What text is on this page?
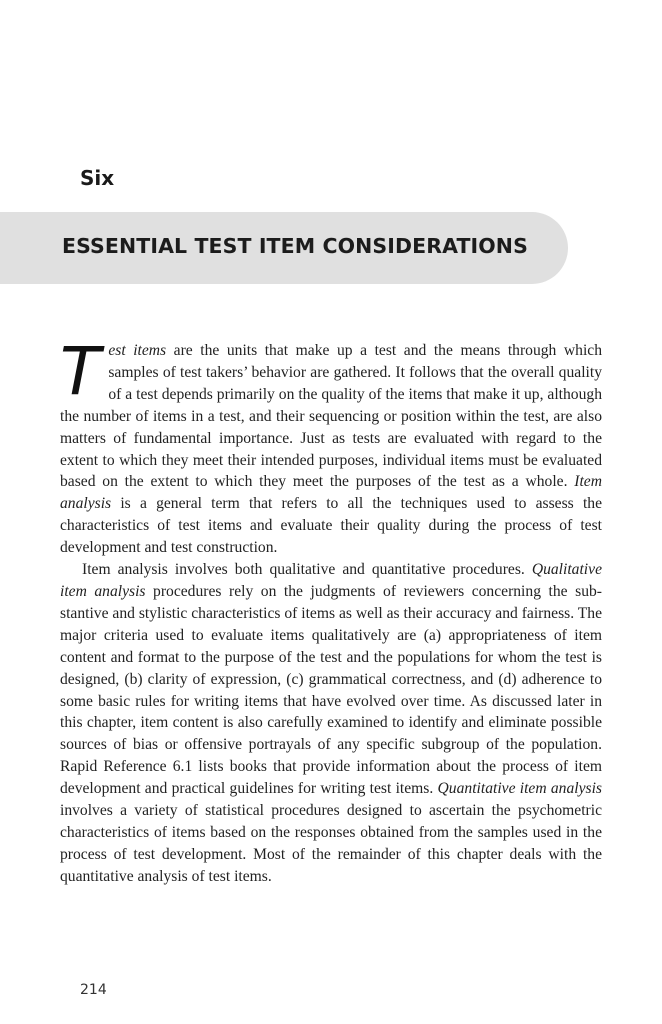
Six
ESSENTIAL TEST ITEM CONSIDERATIONS

Test items are the units that make up a test and the means through which samples of test takers’ behavior are gathered. It follows that the overall quality of a test depends primarily on the quality of the items that make it up, although the number of items in a test, and their sequencing or position within the test, are also matters of fundamental importance. Just as tests are evaluated with regard to the extent to which they meet their intended purposes, individual items must be evaluated based on the extent to which they meet the purposes of the test as a whole. Item analysis is a general term that refers to all the techniques used to assess the characteristics of test items and evaluate their quality during the process of test development and test construction.

Item analysis involves both qualitative and quantitative procedures. Qualitative item analysis procedures rely on the judgments of reviewers concerning the substantive and stylistic characteristics of items as well as their accuracy and fairness. The major criteria used to evaluate items qualitatively are (a) appropriateness of item content and format to the purpose of the test and the populations for whom the test is designed, (b) clarity of expression, (c) grammatical correctness, and (d) adherence to some basic rules for writing items that have evolved over time. As discussed later in this chapter, item content is also carefully examined to identify and eliminate possible sources of bias or offensive portrayals of any specific subgroup of the population. Rapid Reference 6.1 lists books that provide information about the process of item development and practical guidelines for writing test items. Quantitative item analysis involves a variety of statistical procedures designed to ascertain the psychometric characteristics of items based on the responses obtained from the samples used in the process of test development. Most of the remainder of this chapter deals with the quantitative analysis of test items.

214
